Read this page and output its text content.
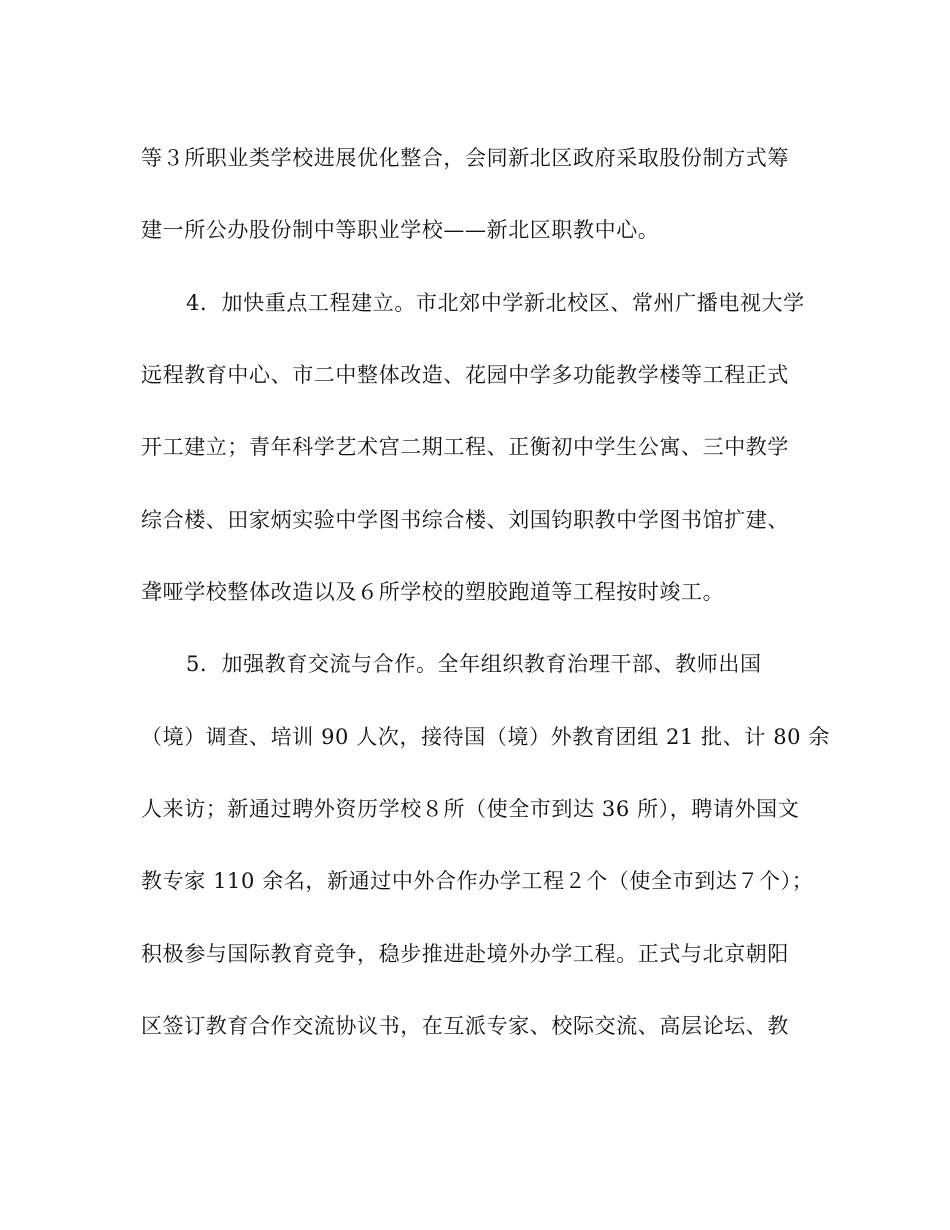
等３所职业类学校进展优化整合，会同新北区政府采取股份制方式筹
建一所公办股份制中等职业学校——新北区职教中心。
4．加快重点工程建立。市北郊中学新北校区、常州广播电视大学
远程教育中心、市二中整体改造、花园中学多功能教学楼等工程正式
开工建立；青年科学艺术宫二期工程、正衡初中学生公寓、三中教学
综合楼、田家炳实验中学图书综合楼、刘国钧职教中学图书馆扩建、
聋哑学校整体改造以及６所学校的塑胶跑道等工程按时竣工。
5．加强教育交流与合作。全年组织教育治理干部、教师出国
（境）调查、培训 90 人次，接待国（境）外教育团组 21 批、计 80 余
人来访；新通过聘外资历学校８所（使全市到达 36 所），聘请外国文
教专家 110 余名，新通过中外合作办学工程２个（使全市到达７个）；
积极参与国际教育竞争，稳步推进赴境外办学工程。正式与北京朝阳
区签订教育合作交流协议书，在互派专家、校际交流、高层论坛、教
